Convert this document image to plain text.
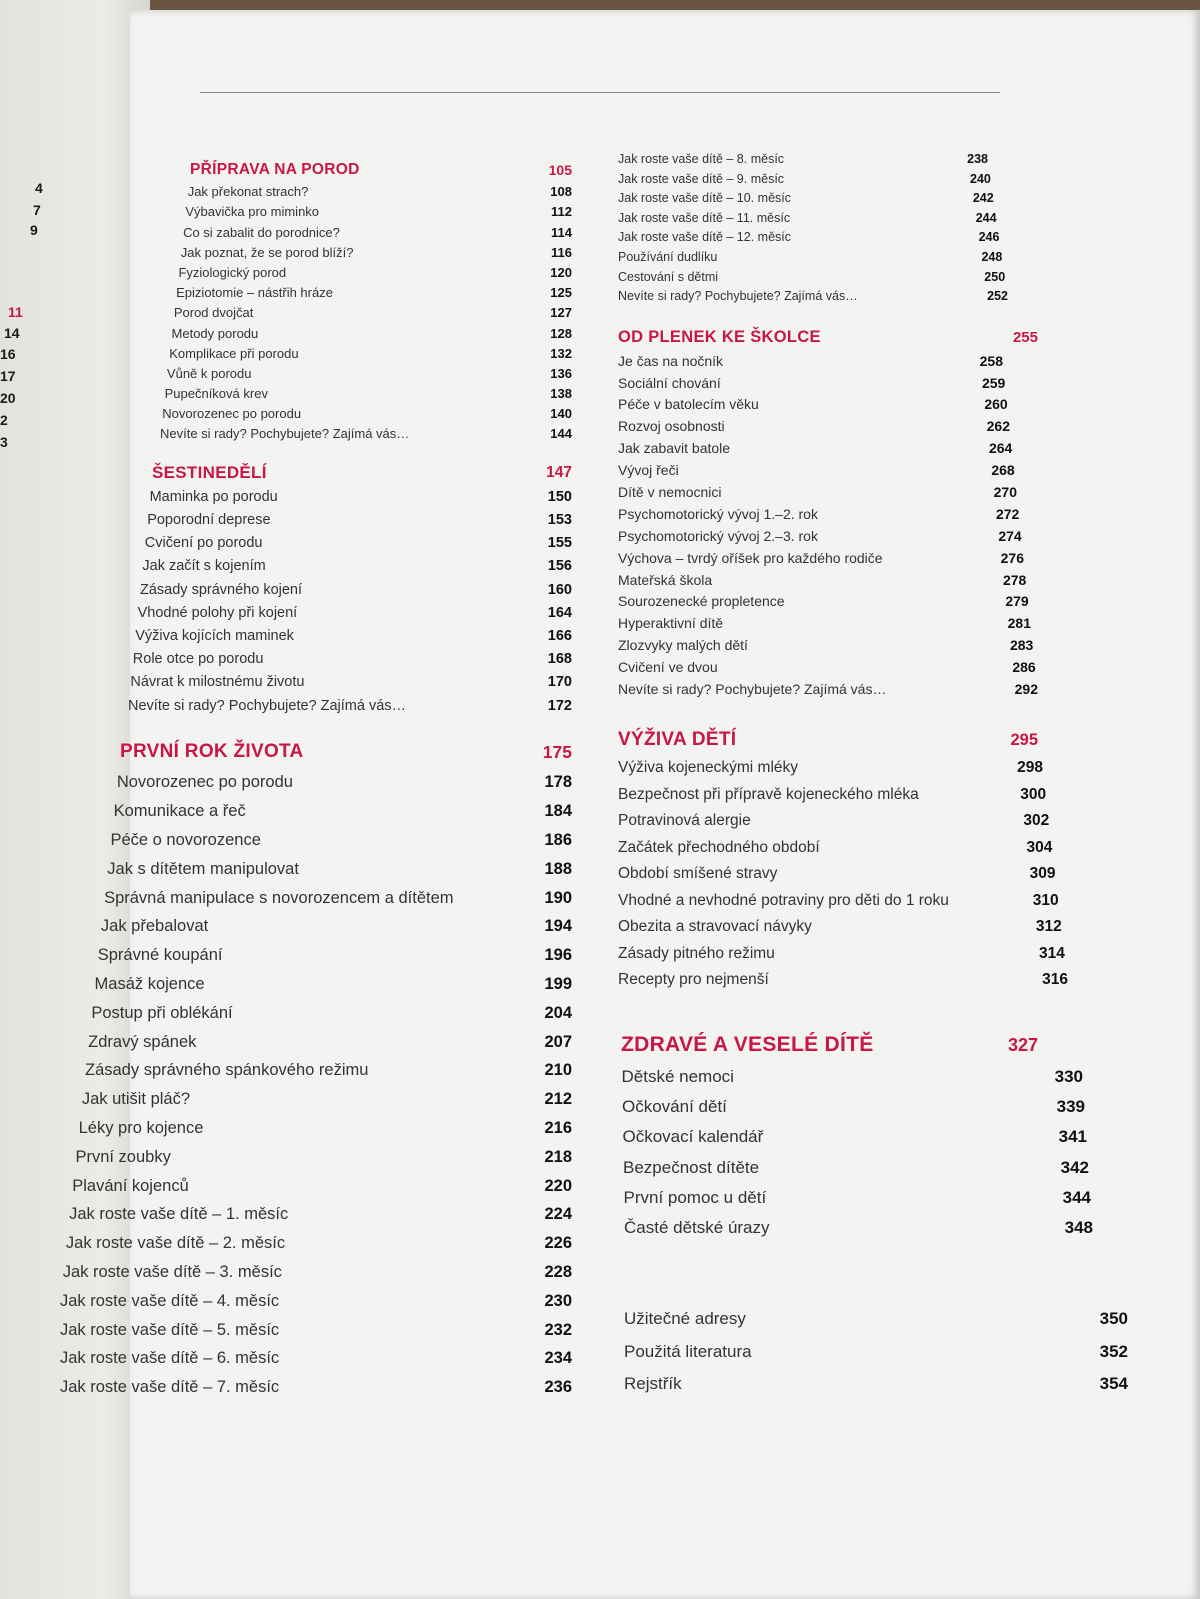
4
7
9
11
14
16
17
20
2
3
PŘÍPRAVA NA POROD	105
Jak překonat strach?	108
Výbavička pro miminko	112
Co si zabalit do porodnice?	114
Jak poznat, že se porod blíží?	116
Fyziologický porod	120
Epiziotomie – nástřih hráze	125
Porod dvojčat	127
Metody porodu	128
Komplikace při porodu	132
Vůně k porodu	136
Pupečníková krev	138
Novorozenec po porodu	140
Nevíte si rady? Pochybujete? Zajímá vás…	144
ŠESTINEDĚLÍ	147
Maminka po porodu	150
Poporodní deprese	153
Cvičení po porodu	155
Jak začít s kojením	156
Zásady správného kojení	160
Vhodné polohy při kojení	164
Výživa kojících maminek	166
Role otce po porodu	168
Návrat k milostnému životu	170
Nevíte si rady? Pochybujete? Zajímá vás…	172
PRVNÍ ROK ŽIVOTA	175
Novorozenec po porodu	178
Komunikace a řeč	184
Péče o novorozence	186
Jak s dítětem manipulovat	188
Správná manipulace s novorozencem a dítětem	190
Jak přebalovat	194
Správné koupání	196
Masáž kojence	199
Postup při oblékání	204
Zdravý spánek	207
Zásady správného spánkového režimu	210
Jak utišit pláč?	212
Léky pro kojence	216
První zoubky	218
Plavání kojenců	220
Jak roste vaše dítě – 1. měsíc	224
Jak roste vaše dítě – 2. měsíc	226
Jak roste vaše dítě – 3. měsíc	228
Jak roste vaše dítě – 4. měsíc	230
Jak roste vaše dítě – 5. měsíc	232
Jak roste vaše dítě – 6. měsíc	234
Jak roste vaše dítě – 7. měsíc	236
Jak roste vaše dítě – 8. měsíc	238
Jak roste vaše dítě – 9. měsíc	240
Jak roste vaše dítě – 10. měsíc	242
Jak roste vaše dítě – 11. měsíc	244
Jak roste vaše dítě – 12. měsíc	246
Používání dudlíku	248
Cestování s dětmi	250
Nevíte si rady? Pochybujete? Zajímá vás…	252
OD PLENEK KE ŠKOLCE	255
Je čas na nočník	258
Sociální chování	259
Péče v batolecím věku	260
Rozvoj osobnosti	262
Jak zabavit batole	264
Vývoj řeči	268
Dítě v nemocnici	270
Psychomotorický vývoj 1.–2. rok	272
Psychomotorický vývoj 2.–3. rok	274
Výchova – tvrdý oříšek pro každého rodiče	276
Mateřská škola	278
Sourozenecké propletence	279
Hyperaktivní dítě	281
Zlozvyky malých dětí	283
Cvičení ve dvou	286
Nevíte si rady? Pochybujete? Zajímá vás…	292
VÝŽIVA DĚTÍ	295
Výživa kojeneckými mléky	298
Bezpečnost při přípravě kojeneckého mléka	300
Potravinová alergie	302
Začátek přechodného období	304
Období smíšené stravy	309
Vhodné a nevhodné potraviny pro děti do 1 roku	310
Obezita a stravovací návyky	312
Zásady pitného režimu	314
Recepty pro nejmenší	316
ZDRAVÉ A VESELÉ DÍTĚ	327
Dětské nemoci	330
Očkování dětí	339
Očkovací kalendář	341
Bezpečnost dítěte	342
První pomoc u dětí	344
Časté dětské úrazy	348
Užitečné adresy	350
Použitá literatura	352
Rejstřík	354
